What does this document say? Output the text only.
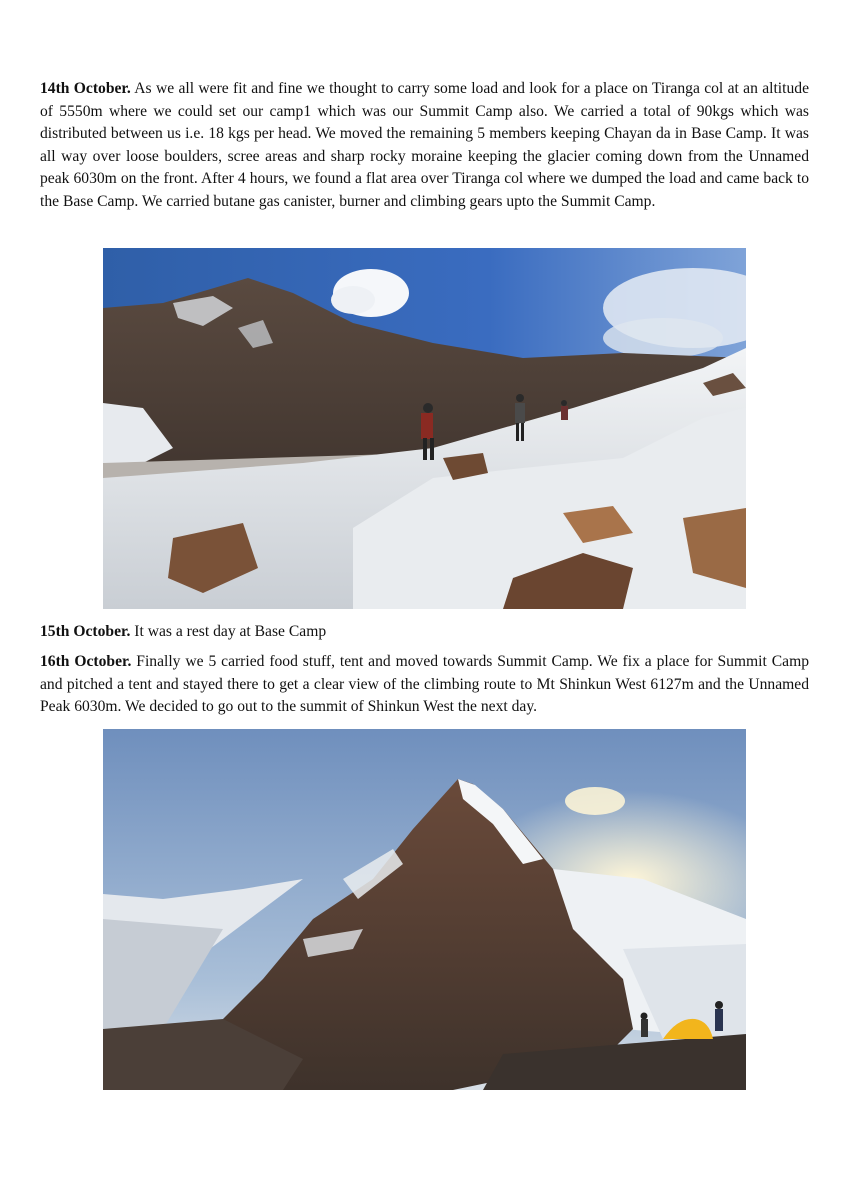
14th October. As we all were fit and fine we thought to carry some load and look for a place on Tiranga col at an altitude of 5550m where we could set our camp1 which was our Summit Camp also. We carried a total of 90kgs which was distributed between us i.e. 18 kgs per head. We moved the remaining 5 members keeping Chayan da in Base Camp. It was all way over loose boulders, scree areas and sharp rocky moraine keeping the glacier coming down from the Unnamed peak 6030m on the front. After 4 hours, we found a flat area over Tiranga col where we dumped the load and came back to the Base Camp. We carried butane gas canister, burner and climbing gears upto the Summit Camp.

15th October. It was a rest day at Base Camp

16th October. Finally we 5 carried food stuff, tent and moved towards Summit Camp. We fix a place for Summit Camp and pitched a tent and stayed there to get a clear view of the climbing route to Mt Shinkun West 6127m and the Unnamed Peak 6030m. We decided to go out to the summit of Shinkun West the next day.
